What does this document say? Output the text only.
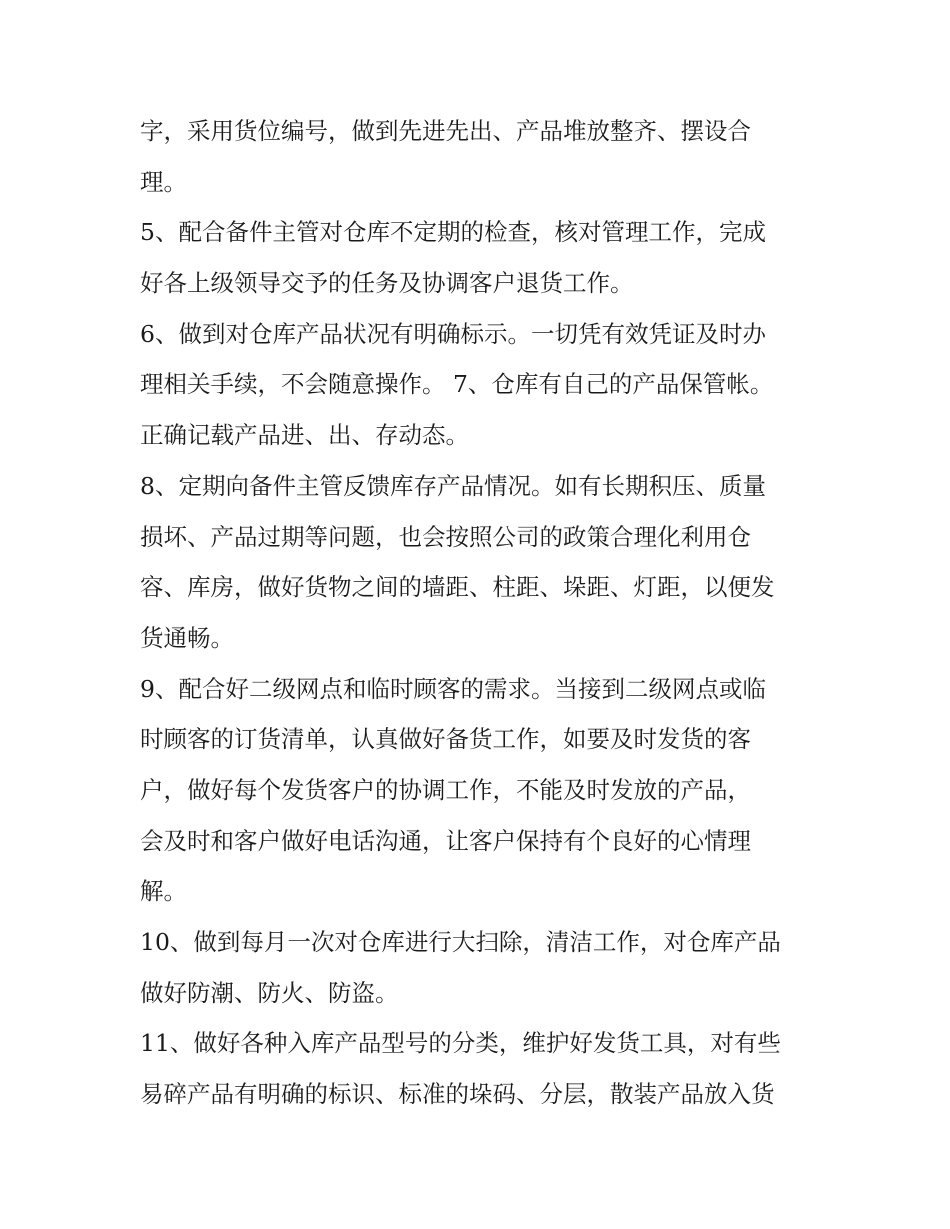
字，采用货位编号，做到先进先出、产品堆放整齐、摆设合
理。
5、配合备件主管对仓库不定期的检查，核对管理工作，完成
好各上级领导交予的任务及协调客户退货工作。
6、做到对仓库产品状况有明确标示。一切凭有效凭证及时办
理相关手续，不会随意操作。 7、仓库有自己的产品保管帐。
正确记载产品进、出、存动态。
8、定期向备件主管反馈库存产品情况。如有长期积压、质量
损坏、产品过期等问题，也会按照公司的政策合理化利用仓
容、库房，做好货物之间的墙距、柱距、垛距、灯距，以便发
货通畅。
9、配合好二级网点和临时顾客的需求。当接到二级网点或临
时顾客的订货清单，认真做好备货工作，如要及时发货的客
户，做好每个发货客户的协调工作，不能及时发放的产品，
会及时和客户做好电话沟通，让客户保持有个良好的心情理
解。
10、做到每月一次对仓库进行大扫除，清洁工作，对仓库产品
做好防潮、防火、防盗。
11、做好各种入库产品型号的分类，维护好发货工具，对有些
易碎产品有明确的标识、标准的垛码、分层，散装产品放入货
